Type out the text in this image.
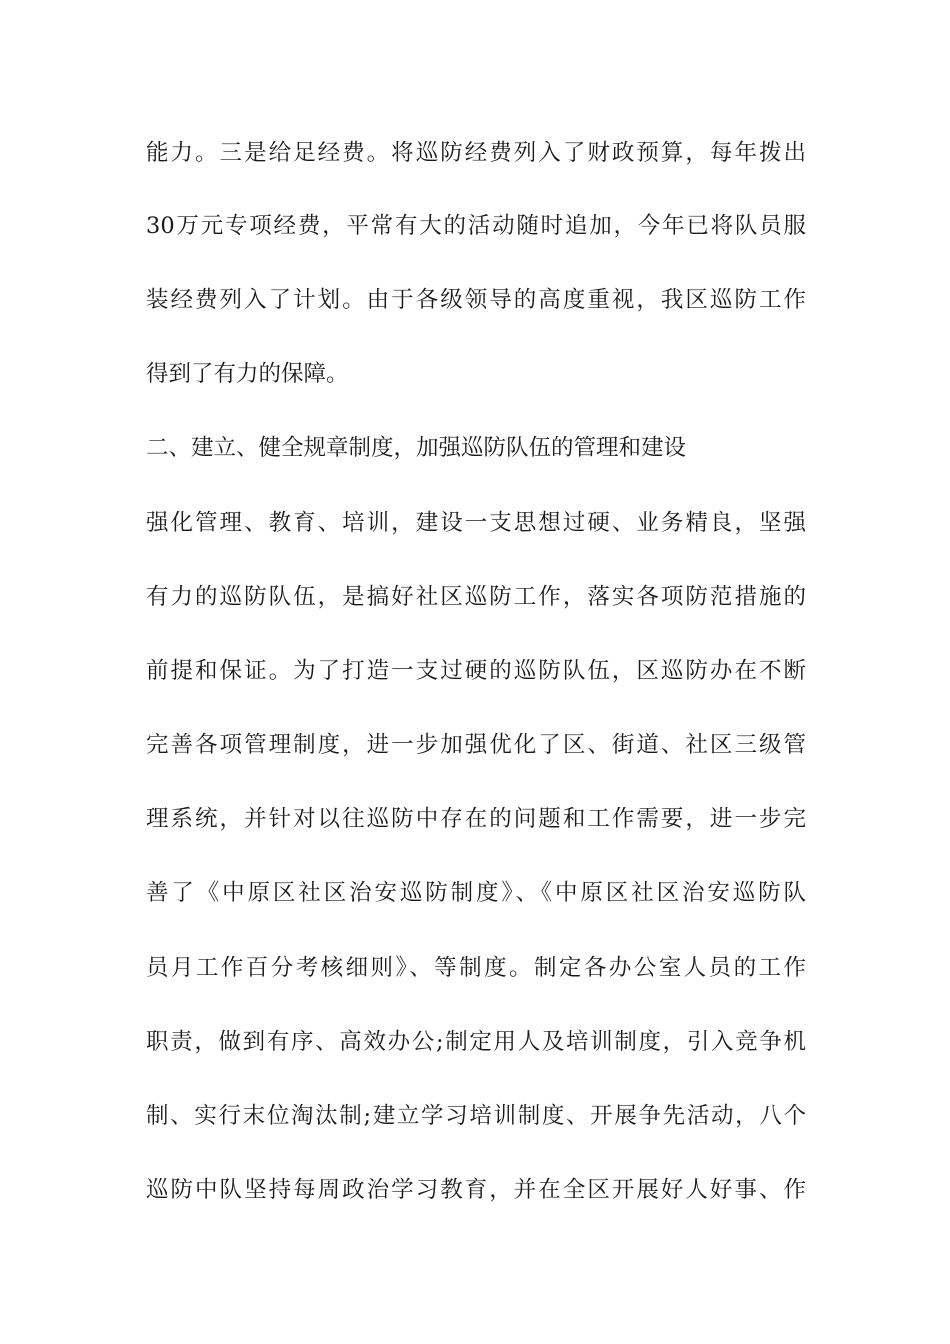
能力。三是给足经费。将巡防经费列入了财政预算，每年拨出
30万元专项经费，平常有大的活动随时追加，今年已将队员服
装经费列入了计划。由于各级领导的高度重视，我区巡防工作
得到了有力的保障。
二、建立、健全规章制度，加强巡防队伍的管理和建设
强化管理、教育、培训，建设一支思想过硬、业务精良，坚强
有力的巡防队伍，是搞好社区巡防工作，落实各项防范措施的
前提和保证。为了打造一支过硬的巡防队伍，区巡防办在不断
完善各项管理制度，进一步加强优化了区、街道、社区三级管
理系统，并针对以往巡防中存在的问题和工作需要，进一步完
善了《中原区社区治安巡防制度》、《中原区社区治安巡防队
员月工作百分考核细则》、等制度。制定各办公室人员的工作
职责，做到有序、高效办公;制定用人及培训制度，引入竞争机
制、实行末位淘汰制;建立学习培训制度、开展争先活动，八个
巡防中队坚持每周政治学习教育，并在全区开展好人好事、作
